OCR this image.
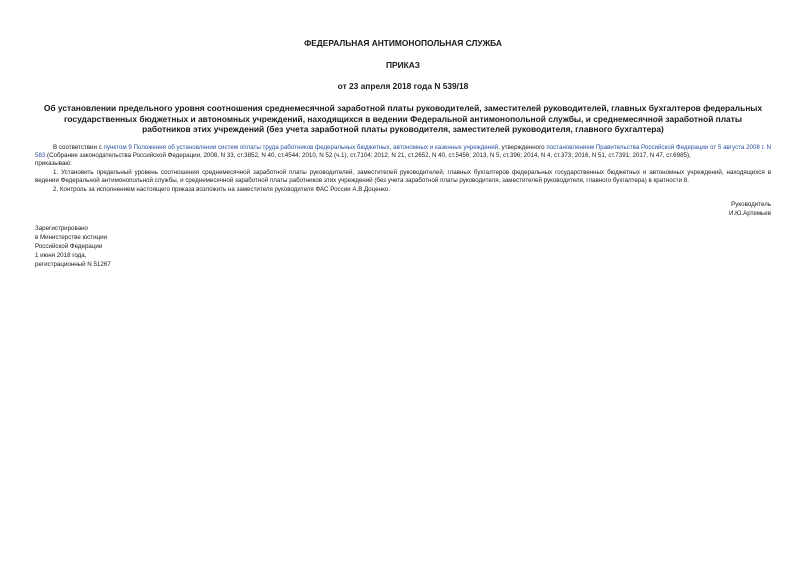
ФЕДЕРАЛЬНАЯ АНТИМОНОПОЛЬНАЯ СЛУЖБА
ПРИКАЗ
от 23 апреля 2018 года N 539/18
Об установлении предельного уровня соотношения среднемесячной заработной платы руководителей, заместителей руководителей, главных бухгалтеров федеральных государственных бюджетных и автономных учреждений, находящихся в ведении Федеральной антимонопольной службы, и среднемесячной заработной платы работников этих учреждений (без учета заработной платы руководителя, заместителей руководителя, главного бухгалтера)

В соответствии с пунктом 9 Положения об установлении систем оплаты труда работников федеральных бюджетных, автономных и казенных учреждений, утвержденного постановлением Правительства Российской Федерации от 5 августа 2008 г. N 583 (Собрание законодательства Российской Федерации, 2008, N 33, ст.3852, N 40, ст.4544; 2010, N 52 (ч.1), ст.7104; 2012, N 21, ст.2652, N 40, ст.5456; 2013, N 5, ст.396; 2014, N 4, ст.373; 2016, N 51, ст.7391; 2017, N 47, ст.6985),

приказываю:

1. Установить предельный уровень соотношения среднемесячной заработной платы руководителей, заместителей руководителей, главных бухгалтеров федеральных государственных бюджетных и автономных учреждений, находящихся в ведении Федеральной антимонопольной службы, и среднемесячной заработной платы работников этих учреждений (без учета заработной платы руководителя, заместителей руководителя, главного бухгалтера) в кратности 8.

2. Контроль за исполнением настоящего приказа возложить на заместителя руководителя ФАС России А.В.Доценко.

Руководитель
И.Ю.Артемьев
Зарегистрировано
в Министерстве юстиции
Российской Федерации
1 июня 2018 года,
регистрационный N 51267
